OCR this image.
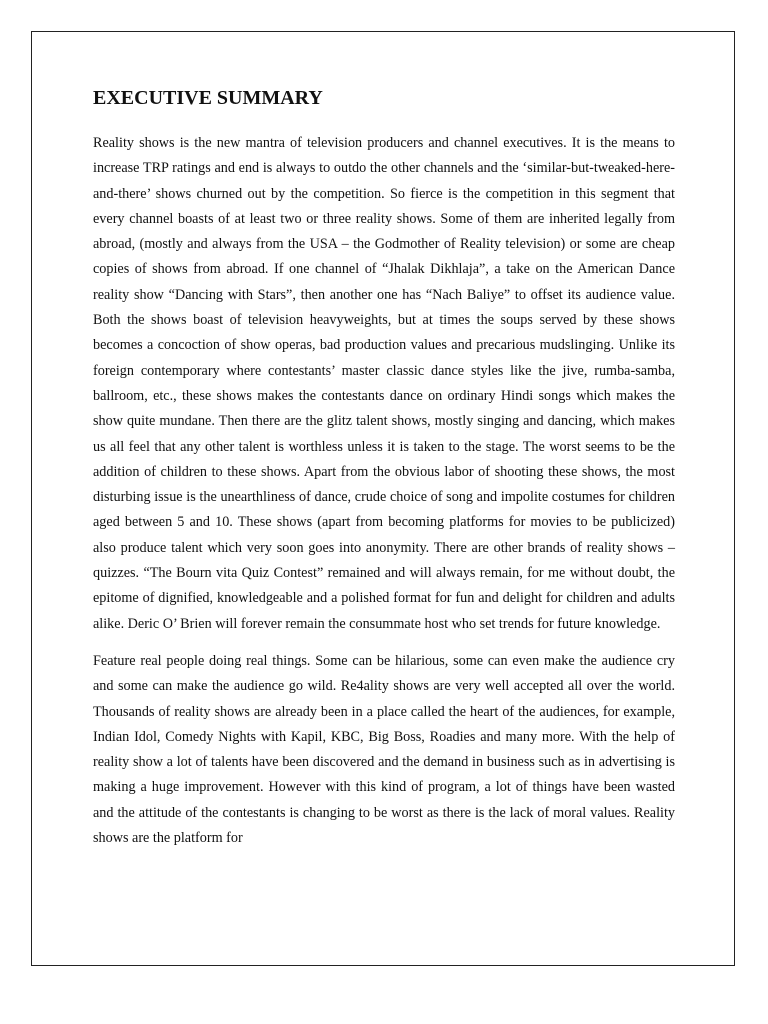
EXECUTIVE SUMMARY

Reality shows is the new mantra of television producers and channel executives. It is the means to increase TRP ratings and end is always to outdo the other channels and the ‘similar-but-tweaked-here-and-there’ shows churned out by the competition. So fierce is the competition in this segment that every channel boasts of at least two or three reality shows. Some of them are inherited legally from abroad, (mostly and always from the USA – the Godmother of Reality television) or some are cheap copies of shows from abroad. If one channel of “Jhalak Dikhlaja”, a take on the American Dance reality show “Dancing with Stars”, then another one has “Nach Baliye” to offset its audience value. Both the shows boast of television heavyweights, but at times the soups served by these shows becomes a concoction of show operas, bad production values and precarious mudslinging. Unlike its foreign contemporary where contestants’ master classic dance styles like the jive, rumba-samba, ballroom, etc., these shows makes the contestants dance on ordinary Hindi songs which makes the show quite mundane. Then there are the glitz talent shows, mostly singing and dancing, which makes us all feel that any other talent is worthless unless it is taken to the stage. The worst seems to be the addition of children to these shows. Apart from the obvious labor of shooting these shows, the most disturbing issue is the unearthliness of dance, crude choice of song and impolite costumes for children aged between 5 and 10. These shows (apart from becoming platforms for movies to be publicized) also produce talent which very soon goes into anonymity. There are other brands of reality shows – quizzes. “The Bourn vita Quiz Contest” remained and will always remain, for me without doubt, the epitome of dignified, knowledgeable and a polished format for fun and delight for children and adults alike. Deric O’ Brien will forever remain the consummate host who set trends for future knowledge.

Feature real people doing real things. Some can be hilarious, some can even make the audience cry and some can make the audience go wild. Re4ality shows are very well accepted all over the world. Thousands of reality shows are already been in a place called the heart of the audiences, for example, Indian Idol, Comedy Nights with Kapil, KBC, Big Boss, Roadies and many more. With the help of reality show a lot of talents have been discovered and the demand in business such as in advertising is making a huge improvement. However with this kind of program, a lot of things have been wasted and the attitude of the contestants is changing to be worst as there is the lack of moral values. Reality shows are the platform for
